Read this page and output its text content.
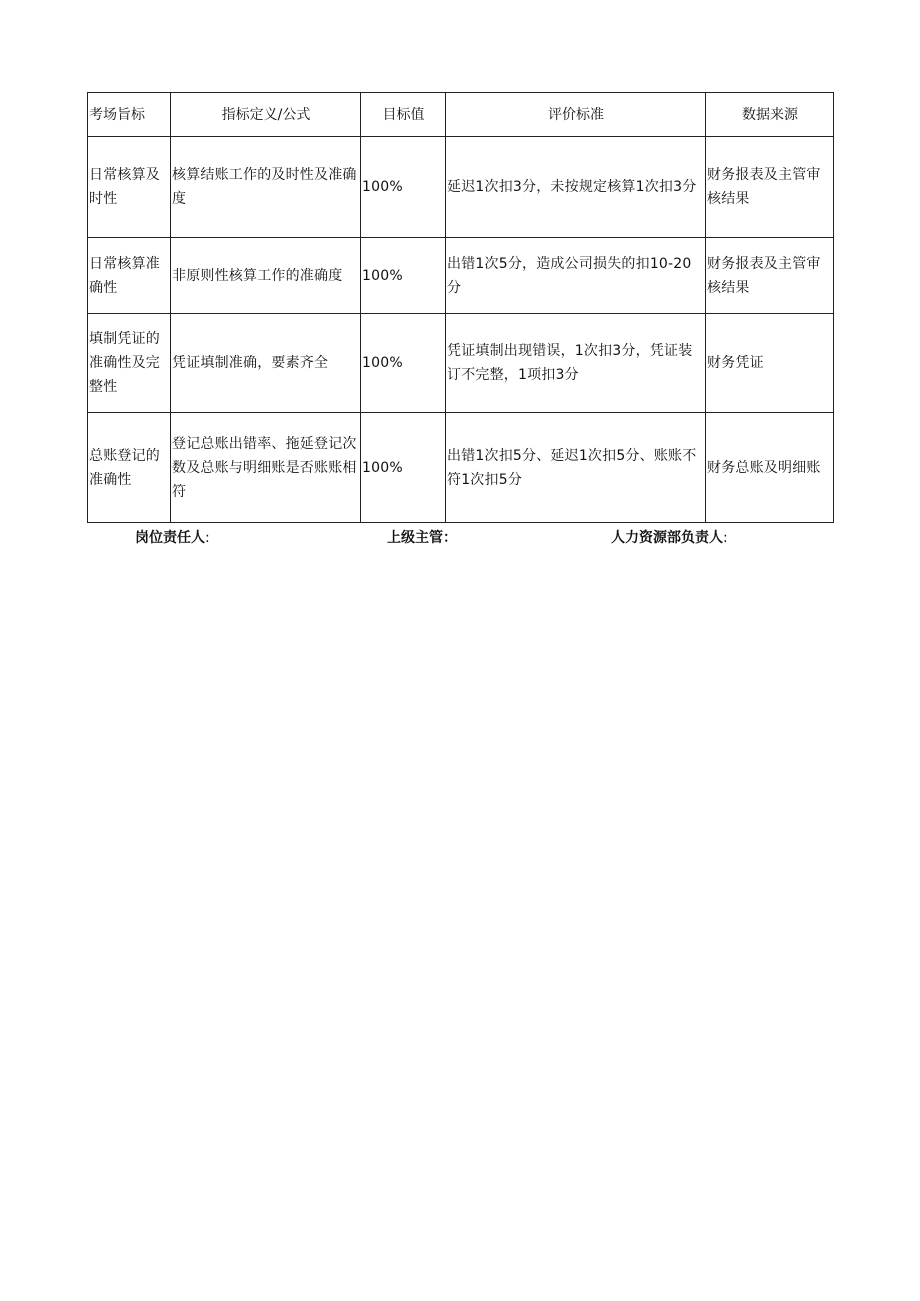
考场旨标	指标定义/公式	目标值	评价标准	数据来源

日常核算及时性	核算结账工作的及时性及准确度	100%	延迟1次扣3分，未按规定核算1次扣3分	财务报表及主管审核结果

日常核算准确性	非原则性核算工作的准确度	100%	出错1次5分，造成公司损失的扣10-20分	财务报表及主管审核结果

填制凭证的准确性及完整性	凭证填制准确，要素齐全	100%	凭证填制出现错误，1次扣3分，凭证装订不完整，1项扣3分	财务凭证

总账登记的准确性	登记总账出错率、拖延登记次数及总账与明细账是否账账相符	100%	出错1次扣5分、延迟1次扣5分、账账不符1次扣5分	财务总账及明细账
岗位责任人:	上级主管：	人力资源部负责人:
